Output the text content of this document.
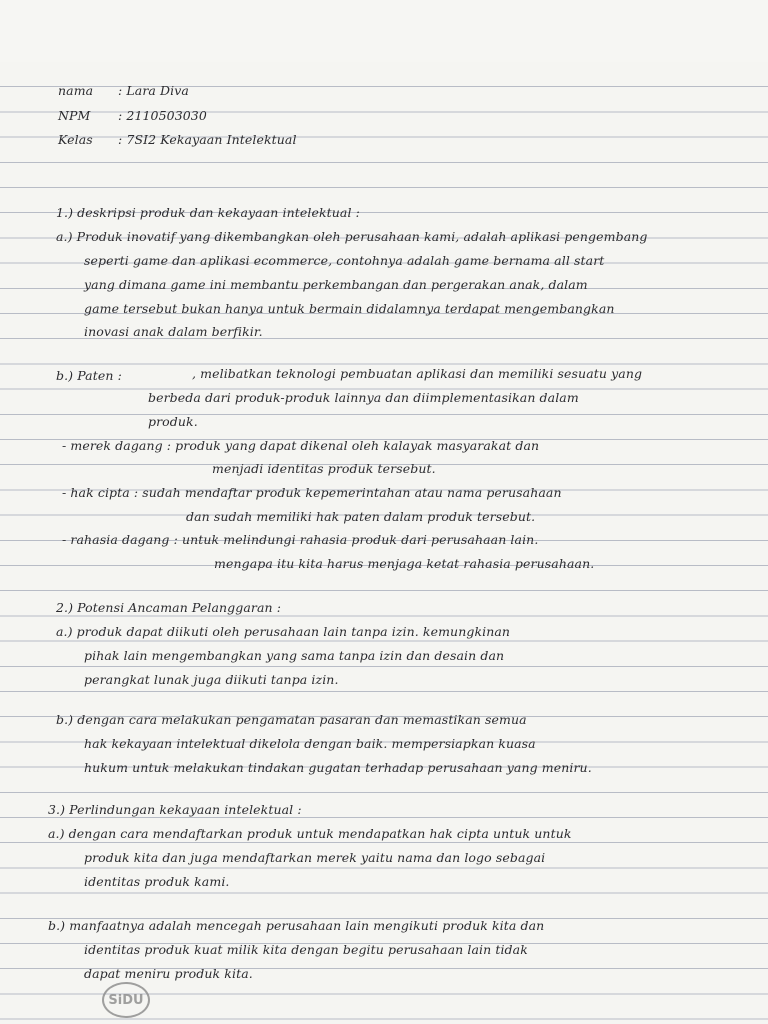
nama : Lara Diva
NPM : 2110503030
Kelas : 7SI2 Kekayaan Intelektual
1.) deskripsi produk dan kekayaan intelektual :
a.) Produk inovatif yang dikembangkan oleh perusahaan kami, adalah aplikasi pengembang
seperti game dan aplikasi ecommerce, contohnya adalah game bernama all start
yang dimana game ini membantu perkembangan dan pergerakan anak, dalam
game tersebut bukan hanya untuk bermain didalamnya terdapat mengembangkan
inovasi anak dalam berfikir.
b.) Paten :	, melibatkan teknologi pembuatan aplikasi dan memiliki sesuatu yang
berbeda dari produk-produk lainnya dan diimplementasikan dalam
produk.
- merek dagang : produk yang dapat dikenal oleh kalayak masyarakat dan
menjadi identitas produk tersebut.
- hak cipta : sudah mendaftar produk kepemerintahan atau nama perusahaan
dan sudah memiliki hak paten dalam produk tersebut.
- rahasia dagang : untuk melindungi rahasia produk dari perusahaan lain.
mengapa itu kita harus menjaga ketat rahasia perusahaan.
2.) Potensi Ancaman Pelanggaran :
a.) produk dapat diikuti oleh perusahaan lain tanpa izin. kemungkinan
pihak lain mengembangkan yang sama tanpa izin dan desain dan
perangkat lunak juga diikuti tanpa izin.
b.) dengan cara melakukan pengamatan pasaran dan memastikan semua
hak kekayaan intelektual dikelola dengan baik. mempersiapkan kuasa
hukum untuk melakukan tindakan gugatan terhadap perusahaan yang meniru.
3.) Perlindungan kekayaan intelektual :
a.) dengan cara mendaftarkan produk untuk mendapatkan hak cipta untuk untuk
produk kita dan juga mendaftarkan merek yaitu nama dan logo sebagai
identitas produk kami.
b.) manfaatnya adalah mencegah perusahaan lain mengikuti produk kita dan
identitas produk kuat milik kita dengan begitu perusahaan lain tidak
dapat meniru produk kita.
SiDU
